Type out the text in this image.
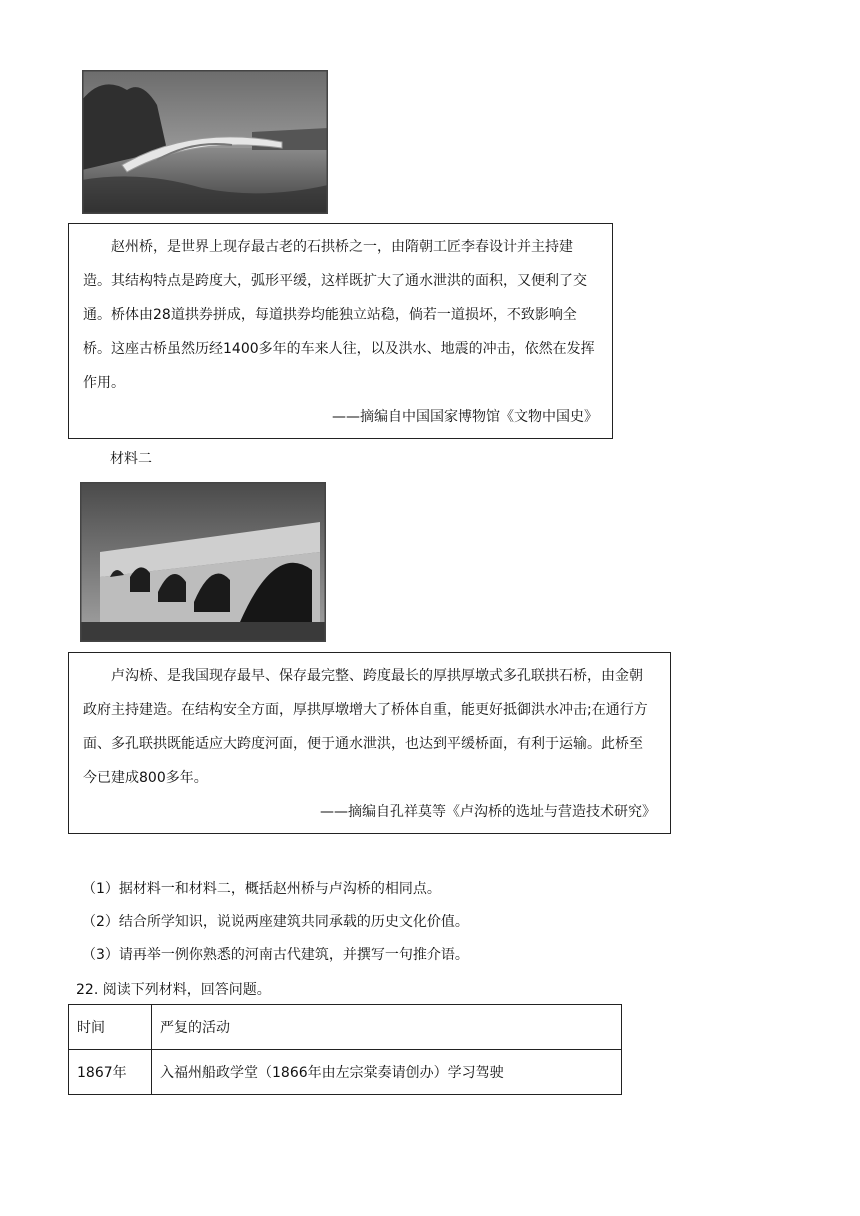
赵州桥，是世界上现存最古老的石拱桥之一，由隋朝工匠李春设计并主持建造。其结构特点是跨度大，弧形平缓，这样既扩大了通水泄洪的面积，又便利了交通。桥体由28道拱券拼成，每道拱券均能独立站稳，倘若一道损坏，不致影响全桥。这座古桥虽然历经1400多年的车来人往，以及洪水、地震的冲击，依然在发挥作用。

——摘编自中国国家博物馆《文物中国史》

材料二

卢沟桥、是我国现存最早、保存最完整、跨度最长的厚拱厚墩式多孔联拱石桥，由金朝政府主持建造。在结构安全方面，厚拱厚墩增大了桥体自重，能更好抵御洪水冲击;在通行方面、多孔联拱既能适应大跨度河面，便于通水泄洪，也达到平缓桥面，有利于运输。此桥至今已建成800多年。

——摘编自孔祥莫等《卢沟桥的选址与营造技术研究》

（1）据材料一和材料二，概括赵州桥与卢沟桥的相同点。
（2）结合所学知识，说说两座建筑共同承载的历史文化价值。
（3）请再举一例你熟悉的河南古代建筑，并撰写一句推介语。
22. 阅读下列材料，回答问题。
时间	严复的活动
1867年	入福州船政学堂（1866年由左宗棠奏请创办）学习驾驶
